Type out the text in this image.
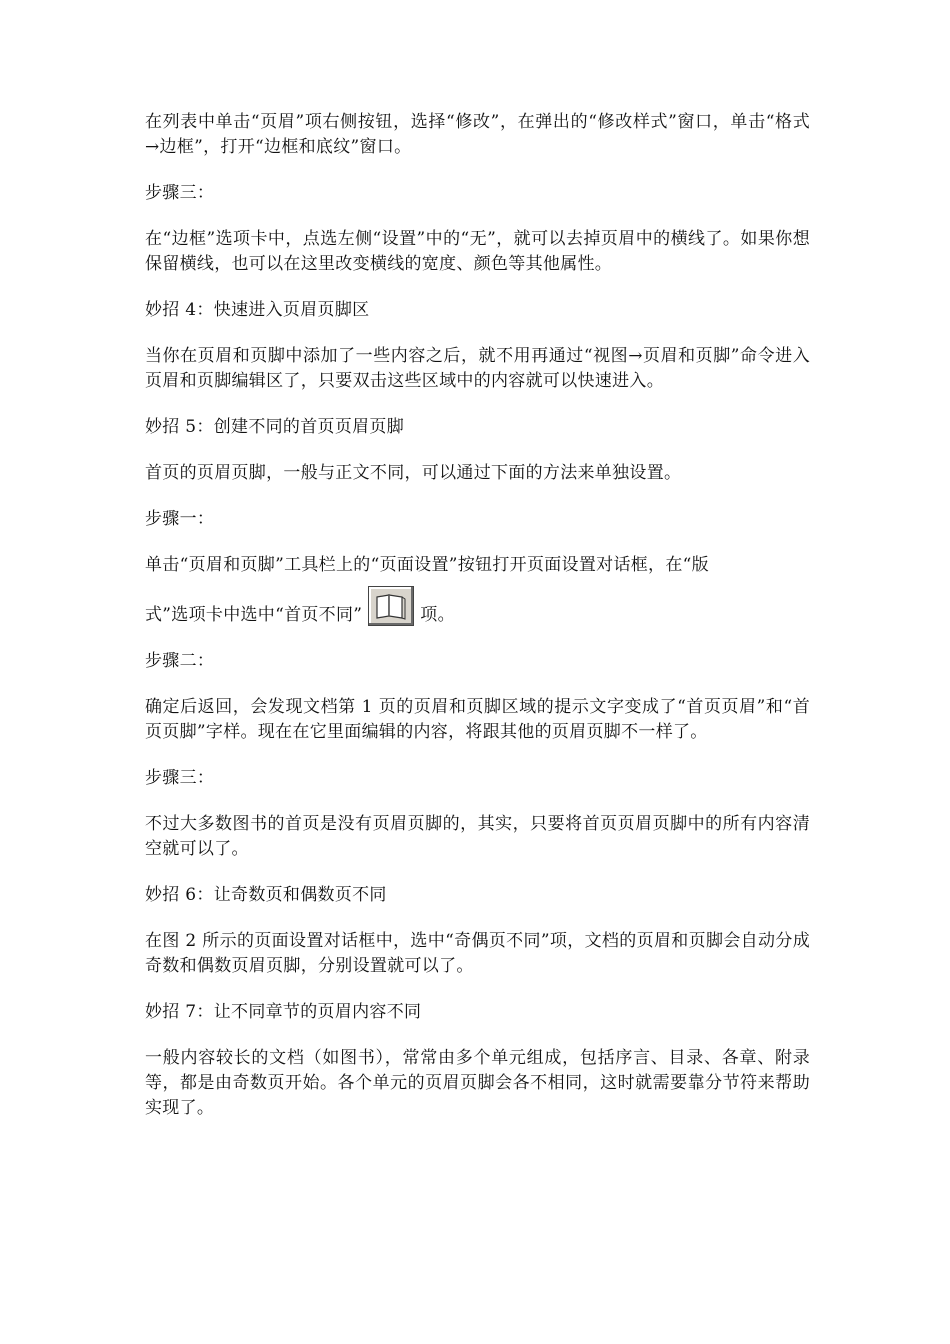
在列表中单击“页眉”项右侧按钮，选择“修改”，在弹出的“修改样式”窗口，单击“格式→边框”，打开“边框和底纹”窗口。

步骤三：

在“边框”选项卡中，点选左侧“设置”中的“无”，就可以去掉页眉中的横线了。如果你想保留横线，也可以在这里改变横线的宽度、颜色等其他属性。

妙招 4：快速进入页眉页脚区

当你在页眉和页脚中添加了一些内容之后，就不用再通过“视图→页眉和页脚”命令进入页眉和页脚编辑区了，只要双击这些区域中的内容就可以快速进入。

妙招 5：创建不同的首页页眉页脚

首页的页眉页脚，一般与正文不同，可以通过下面的方法来单独设置。

步骤一：

单击“页眉和页脚”工具栏上的“页面设置”按钮打开页面设置对话框，在“版

式”选项卡中选中“首页不同”	项。

步骤二：

确定后返回，会发现文档第 1 页的页眉和页脚区域的提示文字变成了“首页页眉”和“首页页脚”字样。现在在它里面编辑的内容，将跟其他的页眉页脚不一样了。

步骤三：

不过大多数图书的首页是没有页眉页脚的，其实，只要将首页页眉页脚中的所有内容清空就可以了。

妙招 6：让奇数页和偶数页不同

在图 2 所示的页面设置对话框中，选中“奇偶页不同”项，文档的页眉和页脚会自动分成奇数和偶数页眉页脚，分别设置就可以了。

妙招 7：让不同章节的页眉内容不同

一般内容较长的文档（如图书），常常由多个单元组成，包括序言、目录、各章、附录等，都是由奇数页开始。各个单元的页眉页脚会各不相同，这时就需要靠分节符来帮助实现了。
